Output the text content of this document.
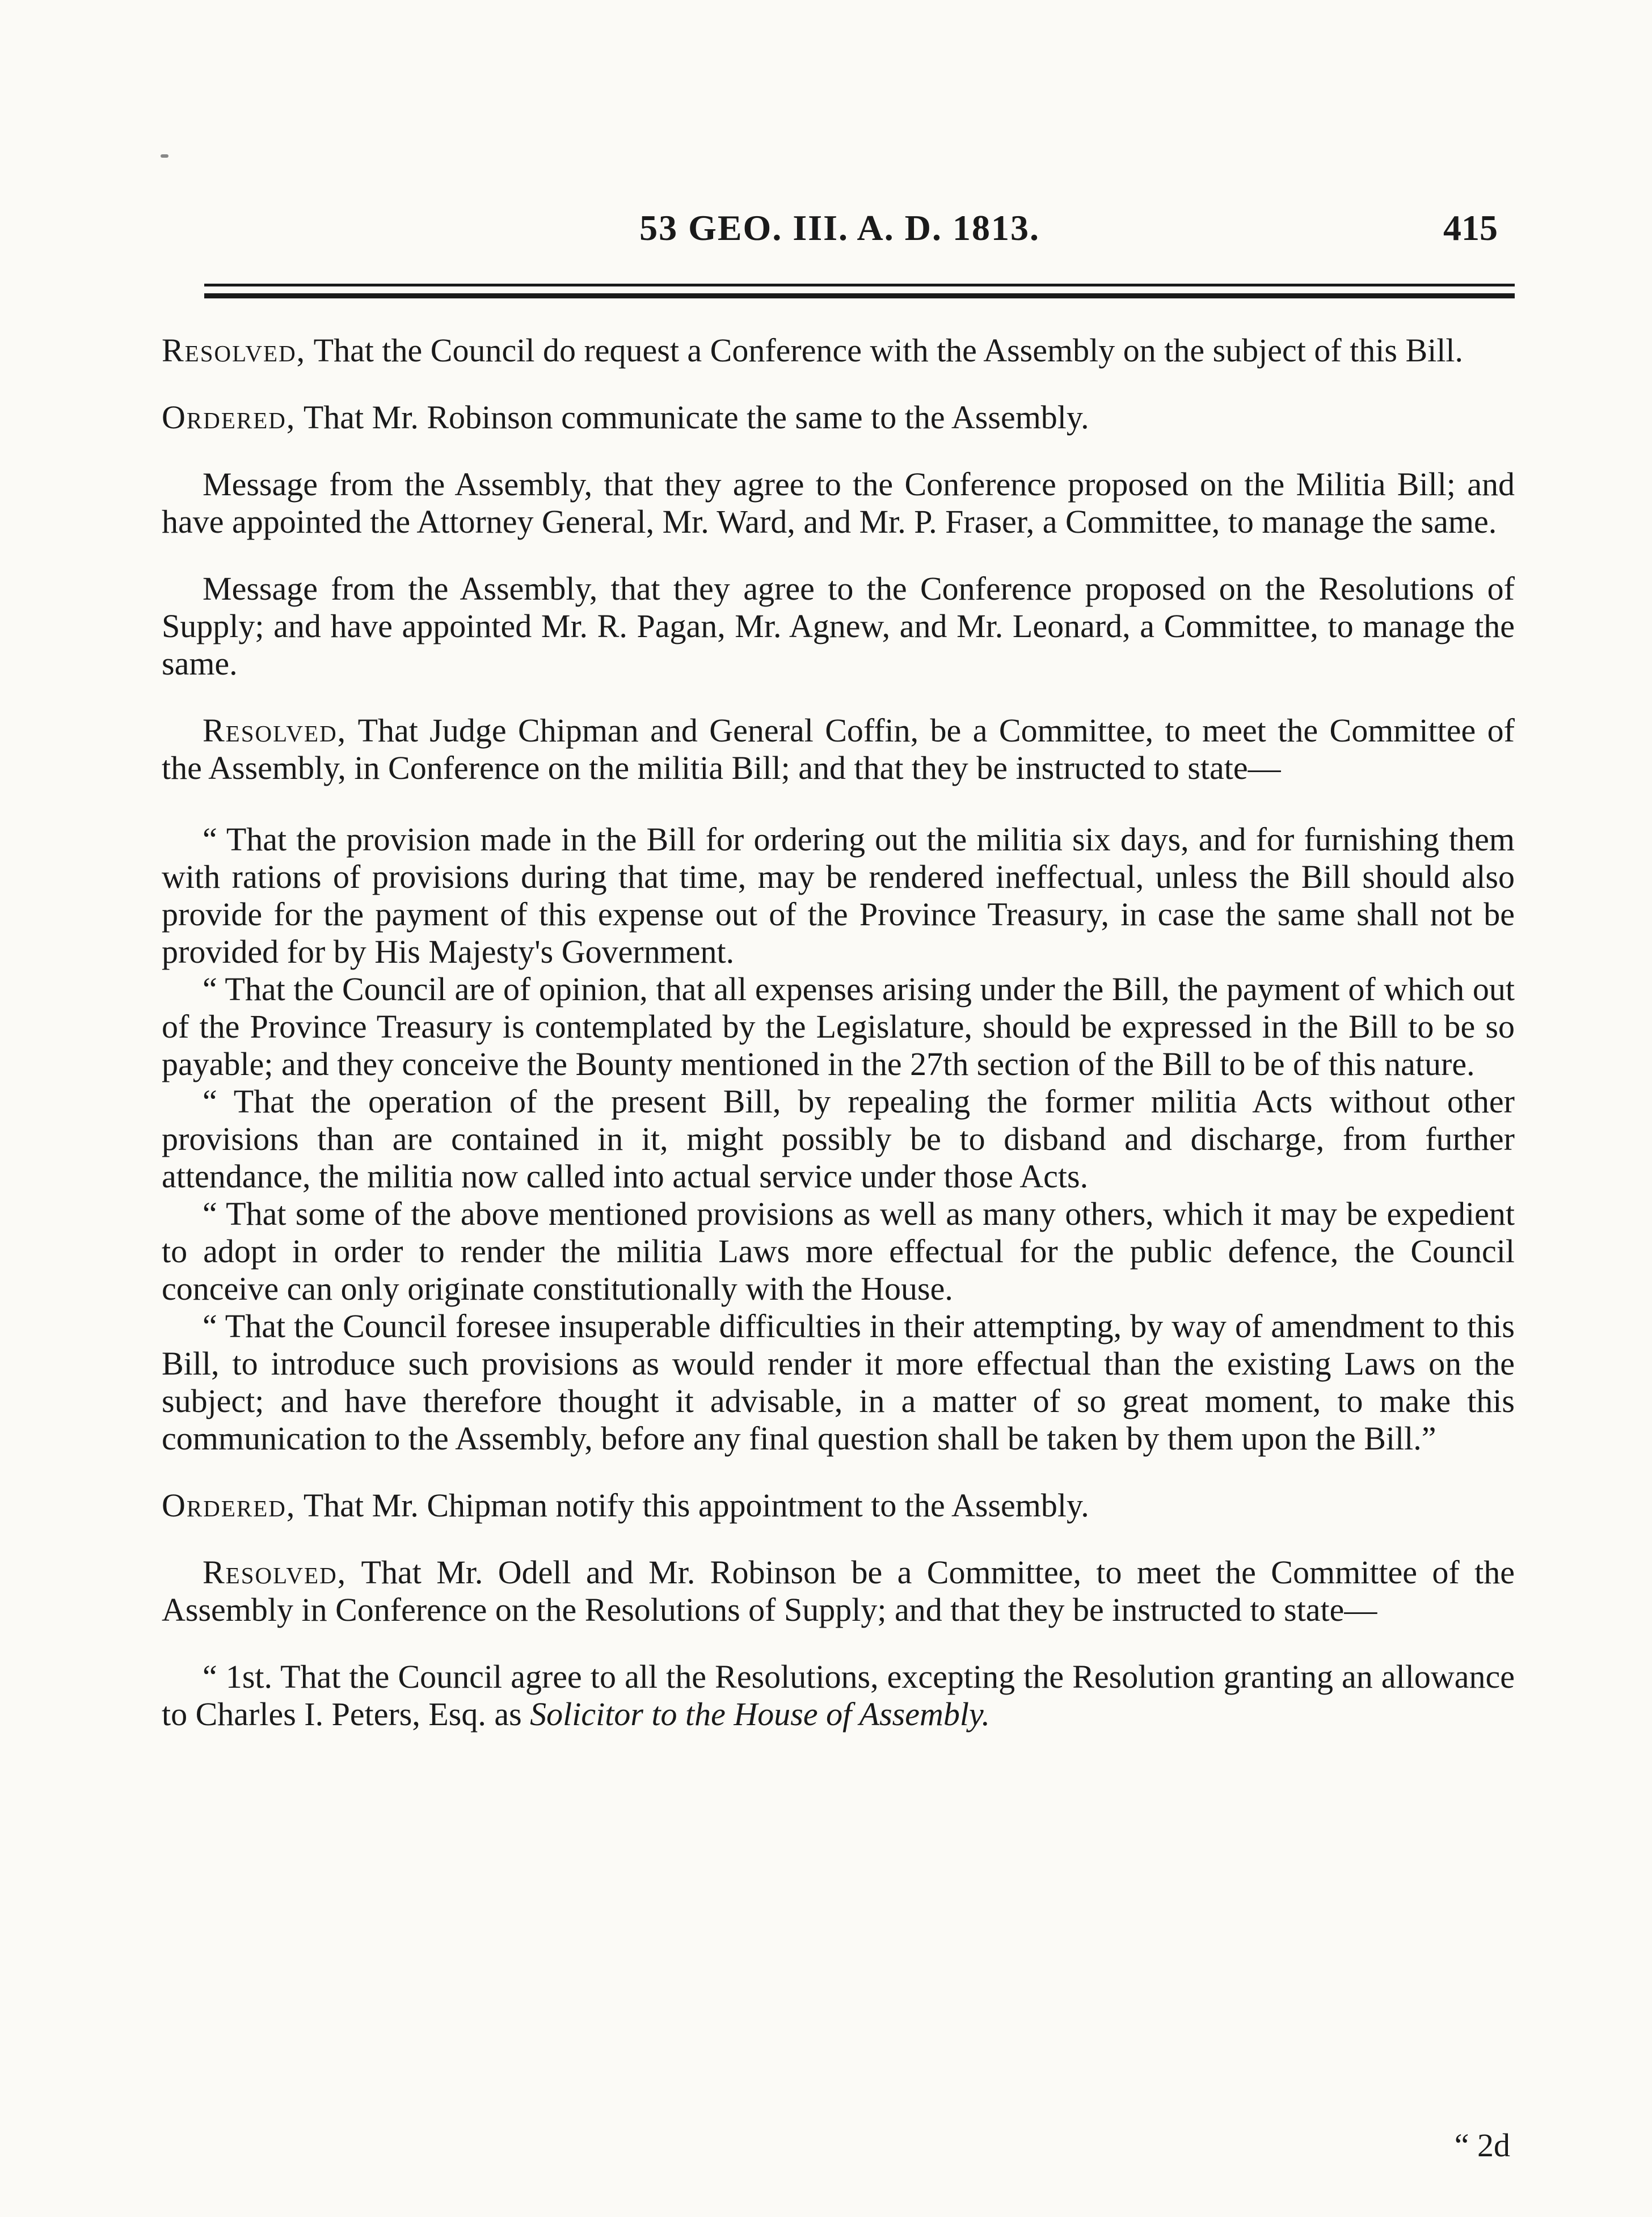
53 GEO. III. A. D. 1813.	415

Resolved, That the Council do request a Conference with the Assembly on the subject of this Bill.

Ordered, That Mr. Robinson communicate the same to the Assembly.

Message from the Assembly, that they agree to the Conference proposed on the Militia Bill; and have appointed the Attorney General, Mr. Ward, and Mr. P. Fraser, a Committee, to manage the same.

Message from the Assembly, that they agree to the Conference proposed on the Resolutions of Supply; and have appointed Mr. R. Pagan, Mr. Agnew, and Mr. Leonard, a Committee, to manage the same.

Resolved, That Judge Chipman and General Coffin, be a Committee, to meet the Committee of the Assembly, in Conference on the militia Bill; and that they be instructed to state—

“ That the provision made in the Bill for ordering out the militia six days, and for furnishing them with rations of provisions during that time, may be rendered ineffectual, unless the Bill should also provide for the payment of this expense out of the Province Treasury, in case the same shall not be provided for by His Majesty's Government.

“ That the Council are of opinion, that all expenses arising under the Bill, the payment of which out of the Province Treasury is contemplated by the Legislature, should be expressed in the Bill to be so payable; and they conceive the Bounty mentioned in the 27th section of the Bill to be of this nature.

“ That the operation of the present Bill, by repealing the former militia Acts without other provisions than are contained in it, might possibly be to disband and discharge, from further attendance, the militia now called into actual service under those Acts.

“ That some of the above mentioned provisions as well as many others, which it may be expedient to adopt in order to render the militia Laws more effectual for the public defence, the Council conceive can only originate constitutionally with the House.

“ That the Council foresee insuperable difficulties in their attempting, by way of amendment to this Bill, to introduce such provisions as would render it more effectual than the existing Laws on the subject; and have therefore thought it advisable, in a matter of so great moment, to make this communication to the Assembly, before any final question shall be taken by them upon the Bill.”

Ordered, That Mr. Chipman notify this appointment to the Assembly.

Resolved, That Mr. Odell and Mr. Robinson be a Committee, to meet the Committee of the Assembly in Conference on the Resolutions of Supply; and that they be instructed to state—

“ 1st. That the Council agree to all the Resolutions, excepting the Resolution granting an allowance to Charles I. Peters, Esq. as Solicitor to the House of Assembly.

“ 2d
